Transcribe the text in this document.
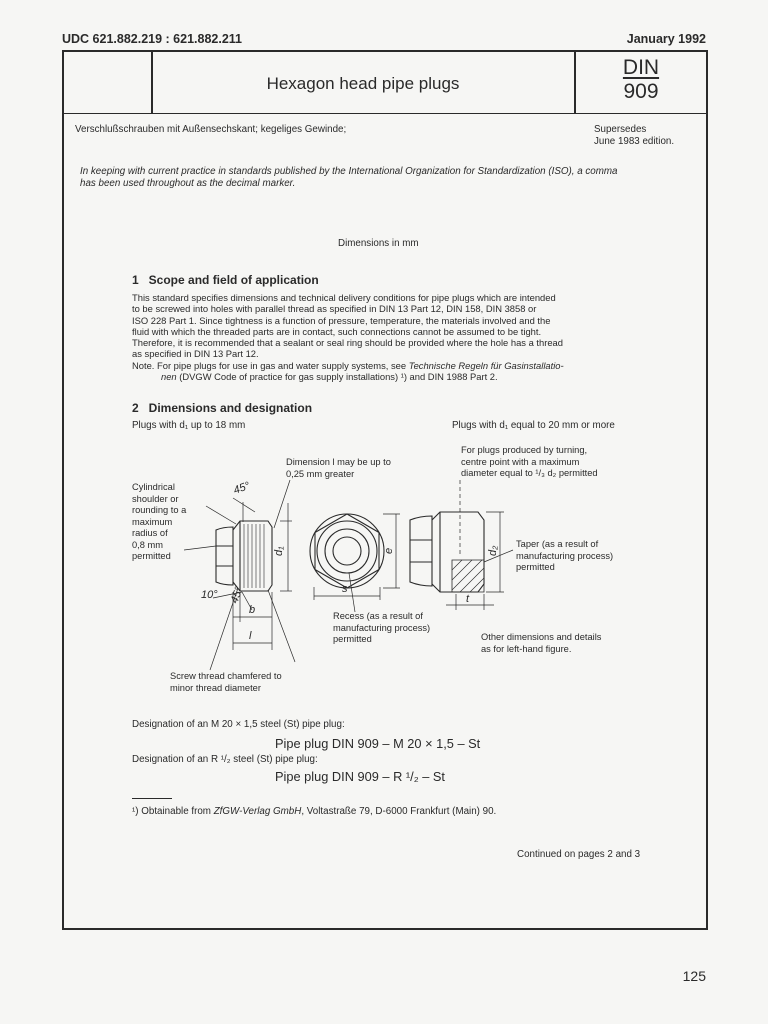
UDC 621.882.219 : 621.882.211	January 1992
Hexagon head pipe plugs
DIN
909
Verschlußschrauben mit Außensechskant; kegeliges Gewinde;	Supersedes
June 1983 edition.
In keeping with current practice in standards published by the International Organization for Standardization (ISO), a comma
has been used throughout as the decimal marker.
Dimensions in mm
1   Scope and field of application
This standard specifies dimensions and technical delivery conditions for pipe plugs which are intended
to be screwed into holes with parallel thread as specified in DIN 13 Part 12, DIN 158, DIN 3858 or
ISO 228 Part 1. Since tightness is a function of pressure, temperature, the materials involved and the
fluid with which the threaded parts are in contact, such connections cannot be assumed to be tight.
Therefore, it is recommended that a sealant or seal ring should be provided where the hole has a thread
as specified in DIN 13 Part 12.
Note. For pipe plugs for use in gas and water supply systems, see Technische Regeln für Gasinstallatio-
nen (DVGW Code of practice for gas supply installations) ¹) and DIN 1988 Part 2.
2   Dimensions and designation
Plugs with d₁ up to 18 mm	Plugs with d₁ equal to 20 mm or more
Cylindrical
shoulder or
rounding to a
maximum
radius of
0,8 mm
permitted
Dimension l may be up to
0,25 mm greater
For plugs produced by turning,
centre point with a maximum
diameter equal to ¹/₃ d₂ permitted
Taper (as a result of
manufacturing process)
permitted
Recess (as a result of
manufacturing process)
permitted	Other dimensions and details
as for left-hand figure.
Screw thread chamfered to
minor thread diameter
45°
10° 45°
d₁
b
l
s
e	d₂
t
Designation of an M 20 × 1,5 steel (St) pipe plug:
Pipe plug DIN 909 – M 20 × 1,5 – St
Designation of an R ¹/₂ steel (St) pipe plug:
Pipe plug DIN 909 – R ¹/₂ – St
¹) Obtainable from ZfGW-Verlag GmbH, Voltastraße 79, D-6000 Frankfurt (Main) 90.
Continued on pages 2 and 3
125
